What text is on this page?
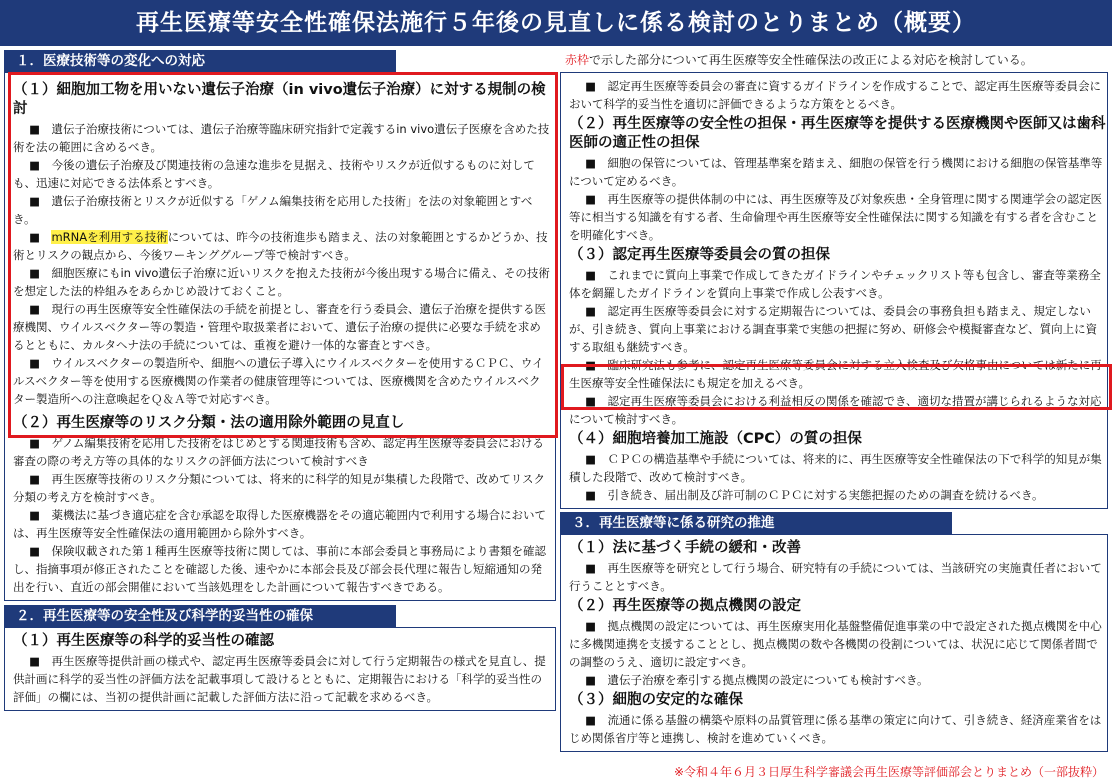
再生医療等安全性確保法施行５年後の見直しに係る検討のとりまとめ（概要）
赤枠で示した部分について再生医療等安全性確保法の改正による対応を検討している。
１．医療技術等の変化への対応
（１）細胞加工物を用いない遺伝子治療（in vivo遺伝子治療）に対する規制の検討
■　遺伝子治療技術については、遺伝子治療等臨床研究指針で定義するin vivo遺伝子医療を含めた技術を法の範囲に含めるべき。
■　今後の遺伝子治療及び関連技術の急速な進歩を見据え、技術やリスクが近似するものに対しても、迅速に対応できる法体系とすべき。
■　遺伝子治療技術とリスクが近似する「ゲノム編集技術を応用した技術」を法の対象範囲とすべき。
■　mRNAを利用する技術については、昨今の技術進歩も踏まえ、法の対象範囲とするかどうか、技術とリスクの観点から、今後ワーキンググループ等で検討すべき。
■　細胞医療にもin vivo遺伝子治療に近いリスクを抱えた技術が今後出現する場合に備え、その技術を想定した法的枠組みをあらかじめ設けておくこと。
■　現行の再生医療等安全性確保法の手続を前提とし、審査を行う委員会、遺伝子治療を提供する医療機関、ウイルスベクター等の製造・管理や取扱業者において、遺伝子治療の提供に必要な手続を求めるとともに、カルタヘナ法の手続については、重複を避け一体的な審査とすべき。
■　ウイルスベクターの製造所や、細胞への遺伝子導入にウイルスベクターを使用するＣＰＣ、ウイルスベクター等を使用する医療機関の作業者の健康管理等については、医療機関を含めたウイルスベクター製造所への注意喚起をＱ＆Ａ等で対応すべき。
（２）再生医療等のリスク分類・法の適用除外範囲の見直し
■　ゲノム編集技術を応用した技術をはじめとする関連技術も含め、認定再生医療等委員会における審査の際の考え方等の具体的なリスクの評価方法について検討すべき
■　再生医療等技術のリスク分類については、将来的に科学的知見が集積した段階で、改めてリスク分類の考え方を検討すべき。
■　薬機法に基づき適応症を含む承認を取得した医療機器をその適応範囲内で利用する場合においては、再生医療等安全性確保法の適用範囲から除外すべき。
■　保険収載された第１種再生医療等技術に関しては、事前に本部会委員と事務局により書類を確認し、指摘事項が修正されたことを確認した後、速やかに本部会長及び部会長代理に報告し短縮通知の発出を行い、直近の部会開催において当該処理をした計画について報告すべきである。
２．再生医療等の安全性及び科学的妥当性の確保
（１）再生医療等の科学的妥当性の確認
■　再生医療等提供計画の様式や、認定再生医療等委員会に対して行う定期報告の様式を見直し、提供計画に科学的妥当性の評価方法を記載事項して設けるとともに、定期報告における「科学的妥当性の評価」の欄には、当初の提供計画に記載した評価方法に沿って記載を求めるべき。
■　認定再生医療等委員会の審査に資するガイドラインを作成することで、認定再生医療等委員会において科学的妥当性を適切に評価できるような方策をとるべき。
（２）再生医療等の安全性の担保・再生医療等を提供する医療機関や医師又は歯科医師の適正性の担保
■　細胞の保管については、管理基準案を踏まえ、細胞の保管を行う機関における細胞の保管基準等について定めるべき。
■　再生医療等の提供体制の中には、再生医療等及び対象疾患・全身管理に関する関連学会の認定医等に相当する知識を有する者、生命倫理や再生医療等安全性確保法に関する知識を有する者を含むことを明確化すべき。
（３）認定再生医療等委員会の質の担保
■　これまでに質向上事業で作成してきたガイドラインやチェックリスト等も包含し、審査等業務全体を網羅したガイドラインを質向上事業で作成し公表すべき。
■　認定再生医療等委員会に対する定期報告については、委員会の事務負担も踏まえ、規定しないが、引き続き、質向上事業における調査事業で実態の把握に努め、研修会や模擬審査など、質向上に資する取組も継続すべき。
■　臨床研究法も参考に、認定再生医療等委員会に対する立入検査及び欠格事由については新たに再生医療等安全性確保法にも規定を加えるべき。
■　認定再生医療等委員会における利益相反の関係を確認でき、適切な措置が講じられるような対応について検討すべき。
（４）細胞培養加工施設（CPC）の質の担保
■　ＣＰＣの構造基準や手続については、将来的に、再生医療等安全性確保法の下で科学的知見が集積した段階で、改めて検討すべき。
■　引き続き、届出制及び許可制のＣＰＣに対する実態把握のための調査を続けるべき。
３．再生医療等に係る研究の推進
（１）法に基づく手続の緩和・改善
■　再生医療等を研究として行う場合、研究特有の手続については、当該研究の実施責任者において行うこととすべき。
（２）再生医療等の拠点機関の設定
■　拠点機関の設定については、再生医療実用化基盤整備促進事業の中で設定された拠点機関を中心に多機関連携を支援することとし、拠点機関の数や各機関の役割については、状況に応じて関係者間での調整のうえ、適切に設定すべき。
■　遺伝子治療を牽引する拠点機関の設定についても検討すべき。
（３）細胞の安定的な確保
■　流通に係る基盤の構築や原料の品質管理に係る基準の策定に向けて、引き続き、経済産業省をはじめ関係省庁等と連携し、検討を進めていくべき。
※令和４年６月３日厚生科学審議会再生医療等評価部会とりまとめ（一部抜粋）
